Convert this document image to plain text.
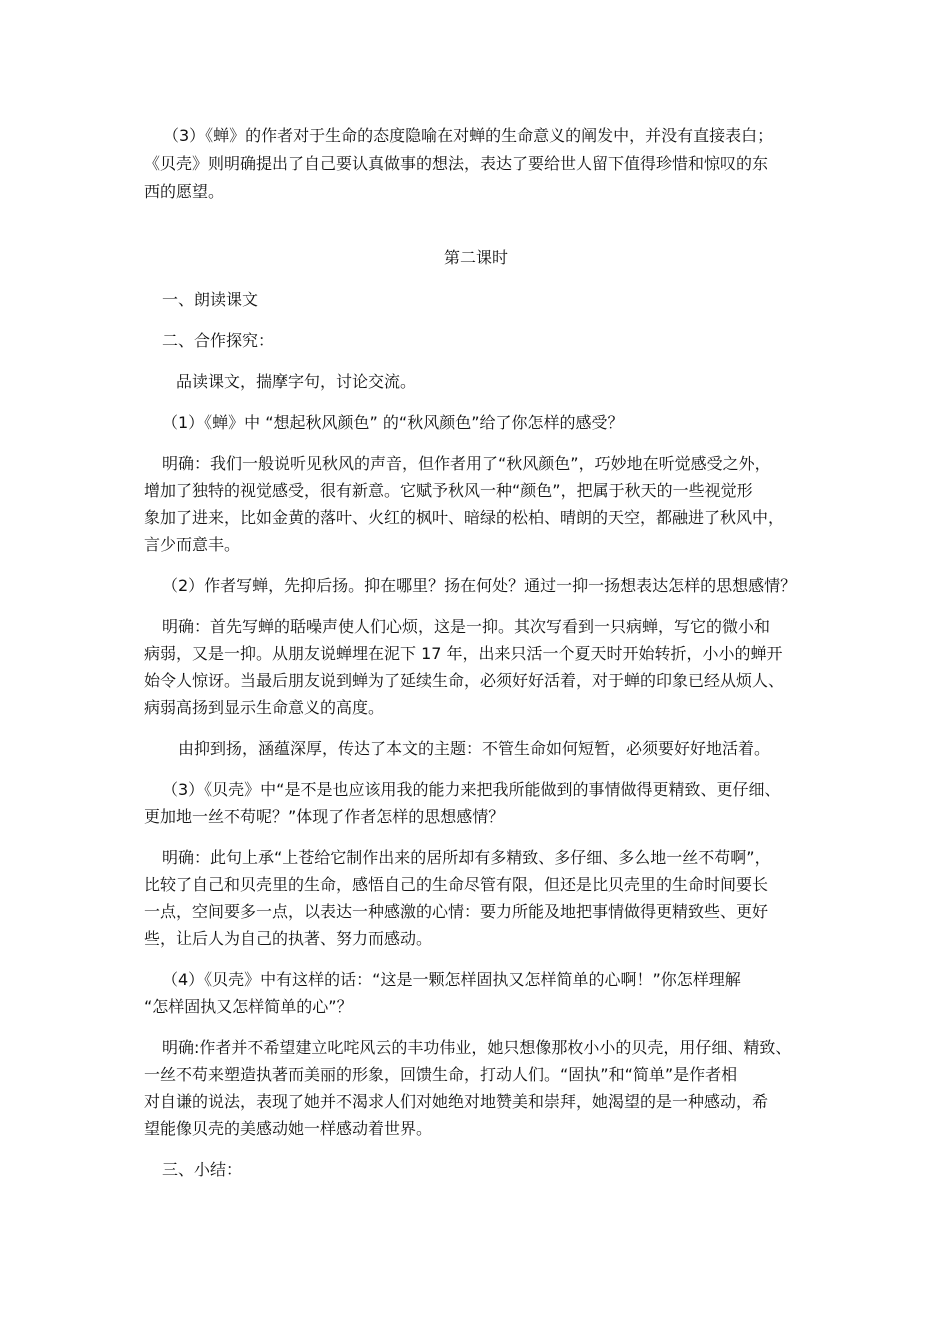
（3）《蝉》的作者对于生命的态度隐喻在对蝉的生命意义的阐发中，并没有直接表白；
《贝壳》则明确提出了自己要认真做事的想法，表达了要给世人留下值得珍惜和惊叹的东
西的愿望。
第二课时
一、朗读课文
二、合作探究：
品读课文，揣摩字句，讨论交流。
（1）《蝉》中 “想起秋风颜色” 的“秋风颜色”给了你怎样的感受？
明确：我们一般说听见秋风的声音，但作者用了“秋风颜色”，巧妙地在听觉感受之外，
增加了独特的视觉感受，很有新意。它赋予秋风一种“颜色”，把属于秋天的一些视觉形
象加了进来，比如金黄的落叶、火红的枫叶、暗绿的松柏、晴朗的天空，都融进了秋风中，
言少而意丰。
（2）作者写蝉，先抑后扬。抑在哪里？扬在何处？通过一抑一扬想表达怎样的思想感情？
明确：首先写蝉的聒噪声使人们心烦，这是一抑。其次写看到一只病蝉，写它的微小和
病弱，又是一抑。从朋友说蝉埋在泥下 17 年，出来只活一个夏天时开始转折，小小的蝉开
始令人惊讶。当最后朋友说到蝉为了延续生命，必须好好活着，对于蝉的印象已经从烦人、
病弱高扬到显示生命意义的高度。
由抑到扬，涵蕴深厚，传达了本文的主题：不管生命如何短暂，必须要好好地活着。
（3）《贝壳》中“是不是也应该用我的能力来把我所能做到的事情做得更精致、更仔细、
更加地一丝不苟呢？”体现了作者怎样的思想感情？
明确：此句上承“上苍给它制作出来的居所却有多精致、多仔细、多么地一丝不苟啊”，
比较了自己和贝壳里的生命，感悟自己的生命尽管有限，但还是比贝壳里的生命时间要长
一点，空间要多一点，以表达一种感激的心情：要力所能及地把事情做得更精致些、更好
些，让后人为自己的执著、努力而感动。
（4）《贝壳》中有这样的话：“这是一颗怎样固执又怎样简单的心啊！”你怎样理解
“怎样固执又怎样简单的心”？
明确:作者并不希望建立叱咤风云的丰功伟业，她只想像那枚小小的贝壳，用仔细、精致、
一丝不苟来塑造执著而美丽的形象，回馈生命，打动人们。“固执”和“简单”是作者相
对自谦的说法，表现了她并不渴求人们对她绝对地赞美和崇拜，她渴望的是一种感动，希
望能像贝壳的美感动她一样感动着世界。
三、小结：
